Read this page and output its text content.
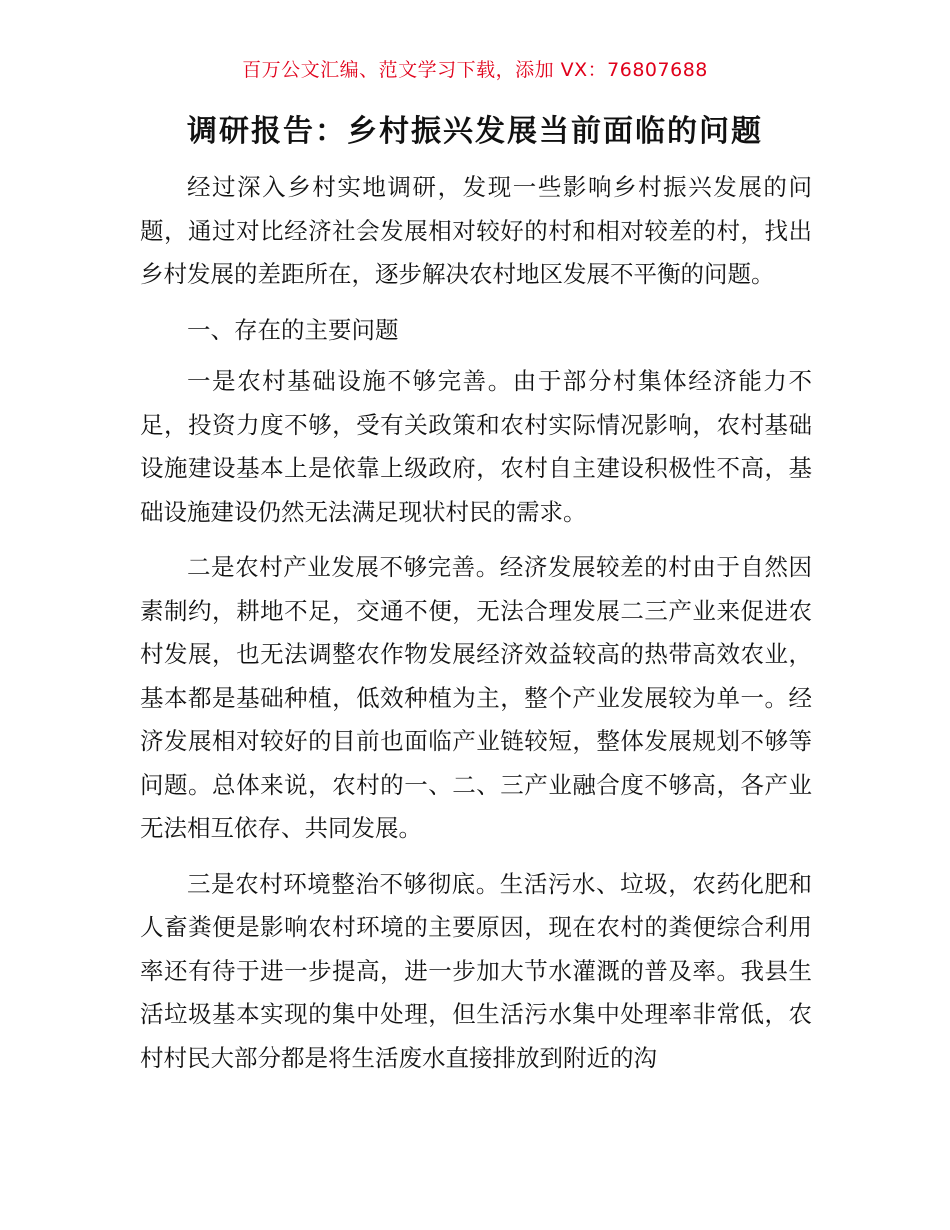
百万公文汇编、范文学习下载，添加 VX：76807688
调研报告：乡村振兴发展当前面临的问题

经过深入乡村实地调研，发现一些影响乡村振兴发展的问题，通过对比经济社会发展相对较好的村和相对较差的村，找出乡村发展的差距所在，逐步解决农村地区发展不平衡的问题。

一、存在的主要问题

一是农村基础设施不够完善。由于部分村集体经济能力不足，投资力度不够，受有关政策和农村实际情况影响，农村基础设施建设基本上是依靠上级政府，农村自主建设积极性不高，基础设施建设仍然无法满足现状村民的需求。

二是农村产业发展不够完善。经济发展较差的村由于自然因素制约，耕地不足，交通不便，无法合理发展二三产业来促进农村发展，也无法调整农作物发展经济效益较高的热带高效农业，基本都是基础种植，低效种植为主，整个产业发展较为单一。经济发展相对较好的目前也面临产业链较短，整体发展规划不够等问题。总体来说，农村的一、二、三产业融合度不够高，各产业无法相互依存、共同发展。

三是农村环境整治不够彻底。生活污水、垃圾，农药化肥和人畜粪便是影响农村环境的主要原因，现在农村的粪便综合利用率还有待于进一步提高，进一步加大节水灌溉的普及率。我县生活垃圾基本实现的集中处理，但生活污水集中处理率非常低，农村村民大部分都是将生活废水直接排放到附近的沟
